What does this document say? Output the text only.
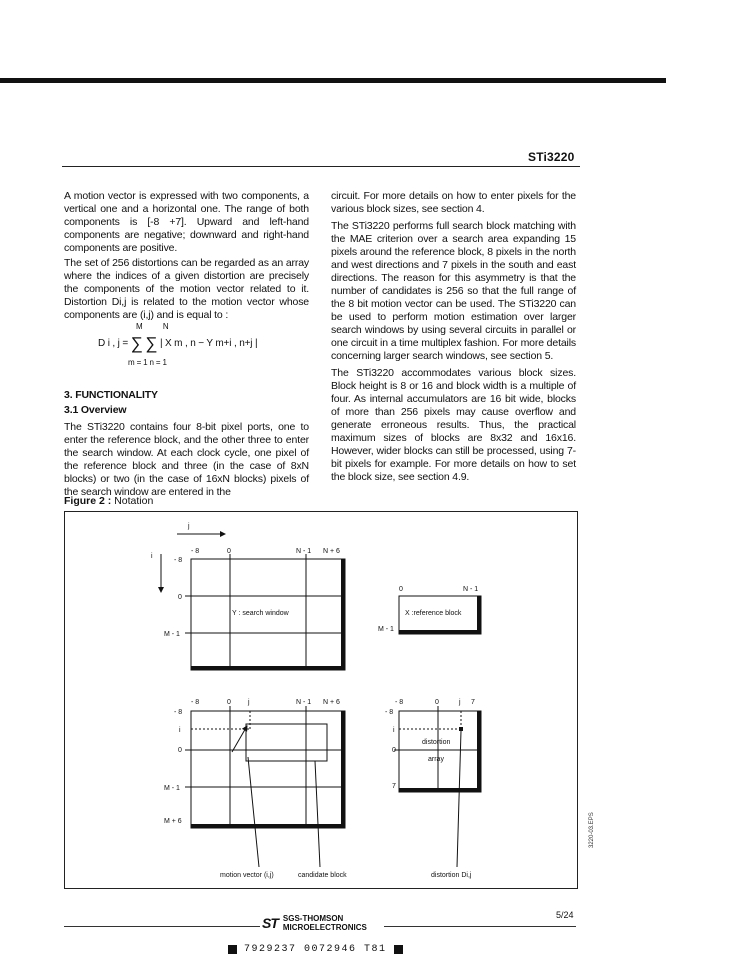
STi3220

A motion vector is expressed with two components, a vertical one and a horizontal one. The range of both components is [-8 +7]. Upward and left-hand components are negative; downward and right-hand components are positive.

The set of 256 distortions can be regarded as an array where the indices of a given distortion are precisely the components of the motion vector related to it. Distortion Di,j is related to the motion vector whose components are (i,j) and is equal to :

M N
D i , j = ∑ ∑ | X m , n − Y m+i , n+j |
m = 1 n = 1

3. FUNCTIONALITY

3.1 Overview

The STi3220 contains four 8-bit pixel ports, one to enter the reference block, and the other three to enter the search window. At each clock cycle, one pixel of the reference block and three (in the case of 8xN blocks) or two (in the case of 16xN blocks) pixels of the search window are entered in the

circuit. For more details on how to enter pixels for the various block sizes, see section 4.

The STi3220 performs full search block matching with the MAE criterion over a search area expanding 15 pixels around the reference block, 8 pixels in the north and west directions and 7 pixels in the south and east directions. The reason for this asymmetry is that the number of candidates is 256 so that the full range of the 8 bit motion vector can be used. The STi3220 can be used to perform motion estimation over larger search windows by using several circuits in parallel or one circuit in a time multiplex fashion. For more details concerning larger search windows, see section 5.

The STi3220 accommodates various block sizes. Block height is 8 or 16 and block width is a multiple of four. As internal accumulators are 16 bit wide, blocks of more than 256 pixels may cause overflow and generate erroneous results. Thus, the practical maximum sizes of blocks are 8x32 and 16x16. However, wider blocks can still be processed, using 7-bit pixels for example. For more details on how to set the block size, see section 4.9.

Figure 2 : Notation
j
i
- 8	0	N - 1 N + 6
- 8
0
M - 1
Y : search window
0	N - 1
M - 1
X :reference block
- 8	0 j	N - 1 N + 6
- 8
i
0
M - 1
M + 6
- 8	0	j 7
- 8
i
0
7
distortion
array
motion vector (i,j)	candidate block	distortion Di,j
3220-03.EPS
5/24
ST SGS-THOMSON
MICROELECTRONICS
7929237 0072946 T81
